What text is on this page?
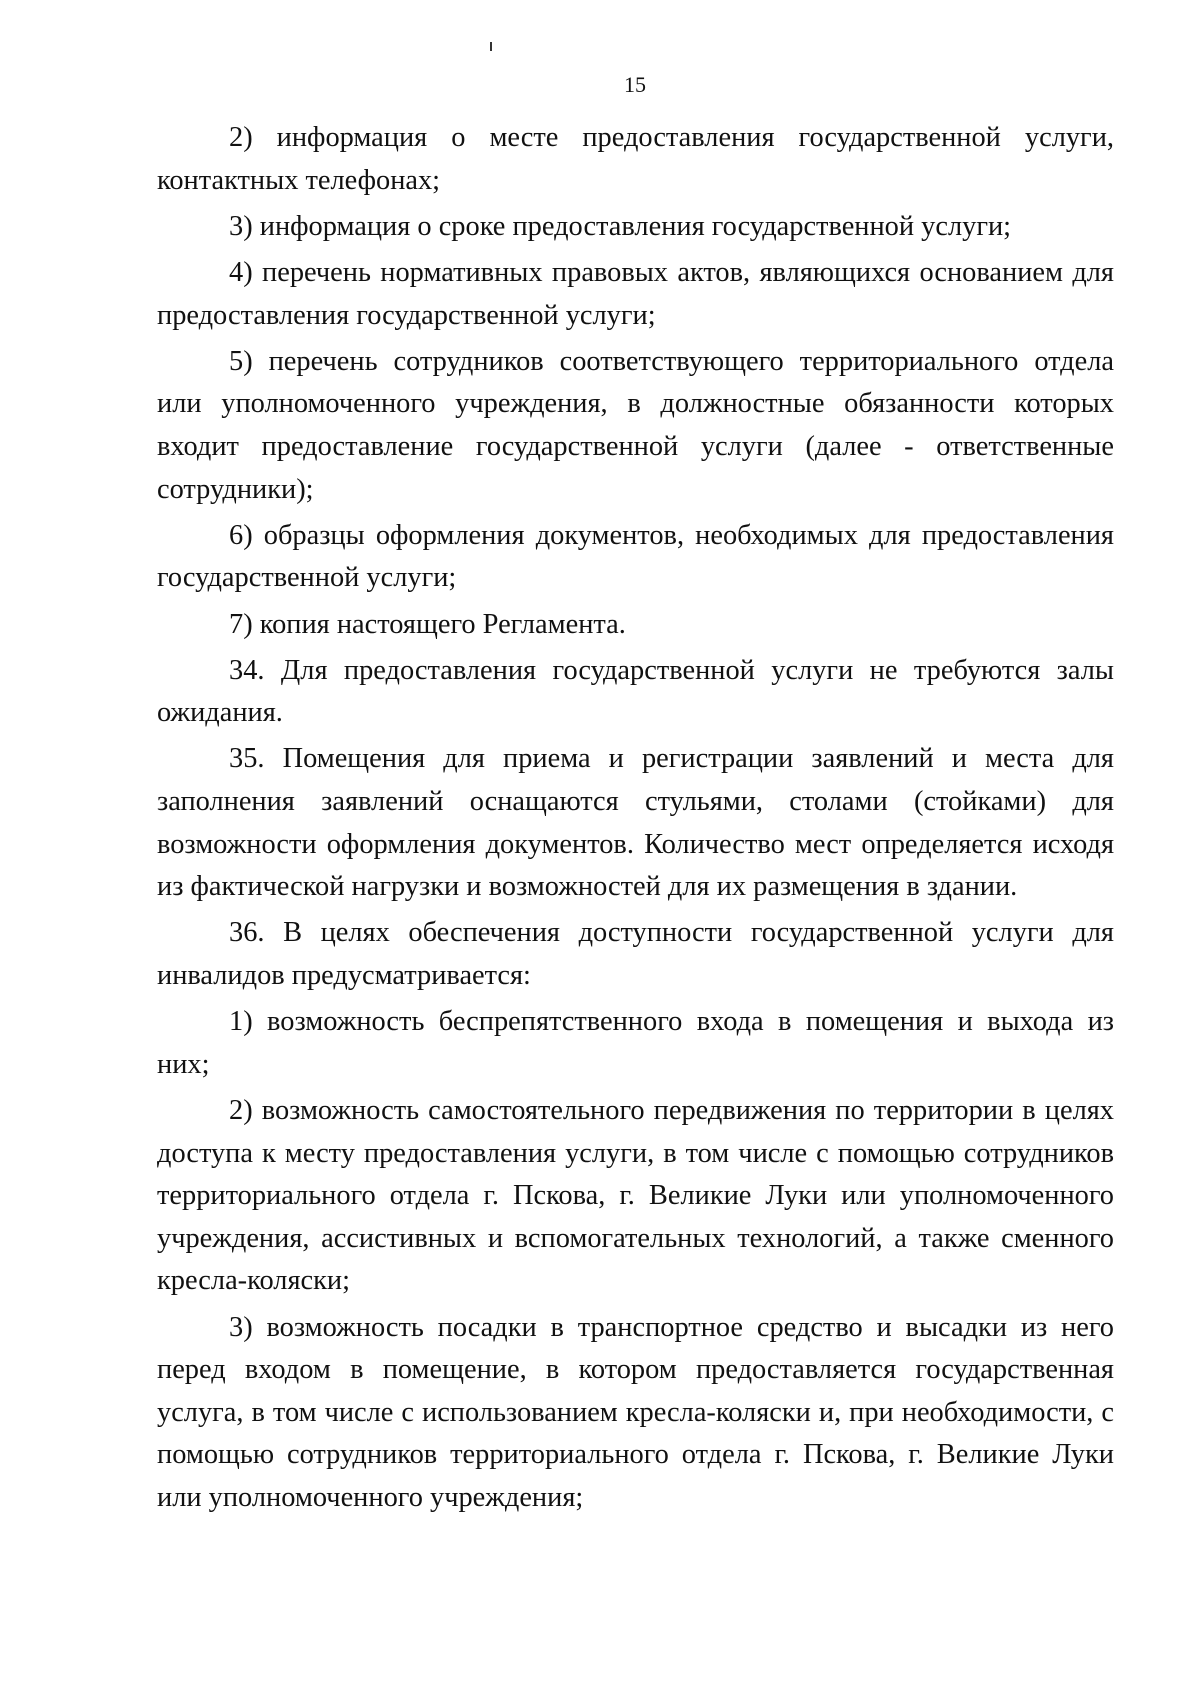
15

2) информация о месте предоставления государственной услуги, контактных телефонах;

3) информация о сроке предоставления государственной услуги;

4) перечень нормативных правовых актов, являющихся основанием для предоставления государственной услуги;

5) перечень сотрудников соответствующего территориального отдела или уполномоченного учреждения, в должностные обязанности которых входит предоставление государственной услуги (далее - ответственные сотрудники);

6) образцы оформления документов, необходимых для предоставления государственной услуги;

7) копия настоящего Регламента.

34. Для предоставления государственной услуги не требуются залы ожидания.

35. Помещения для приема и регистрации заявлений и места для заполнения заявлений оснащаются стульями, столами (стойками) для возможности оформления документов. Количество мест определяется исходя из фактической нагрузки и возможностей для их размещения в здании.

36. В целях обеспечения доступности государственной услуги для инвалидов предусматривается:

1) возможность беспрепятственного входа в помещения и выхода из них;

2) возможность самостоятельного передвижения по территории в целях доступа к месту предоставления услуги, в том числе с помощью сотрудников территориального отдела г. Пскова, г. Великие Луки или уполномоченного учреждения, ассистивных и вспомогательных технологий, а также сменного кресла-коляски;

3) возможность посадки в транспортное средство и высадки из него перед входом в помещение, в котором предоставляется государственная услуга, в том числе с использованием кресла-коляски и, при необходимости, с помощью сотрудников территориального отдела г. Пскова, г. Великие Луки или уполномоченного учреждения;
